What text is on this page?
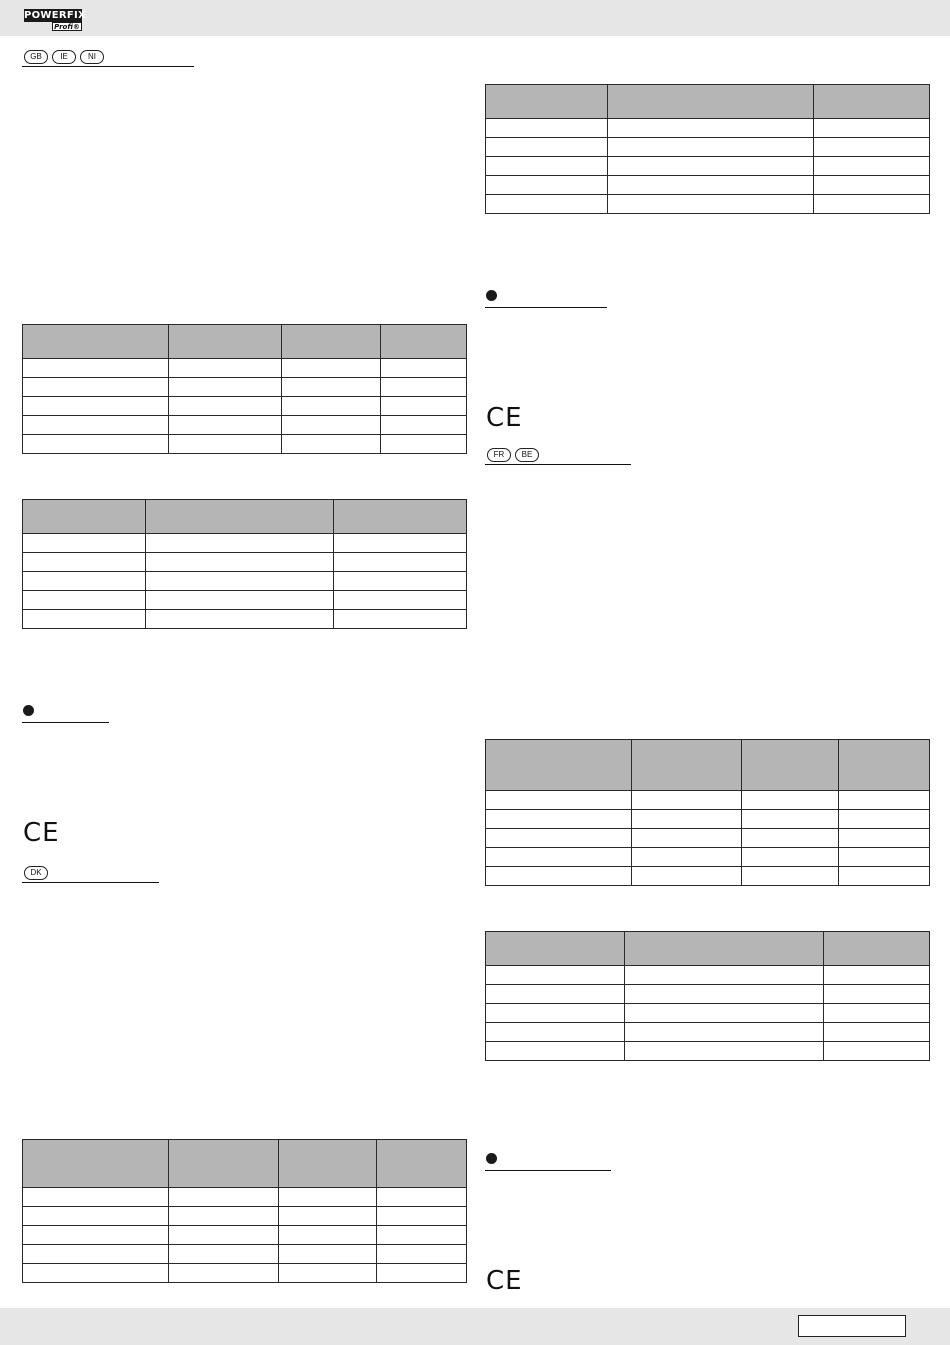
POWERFIX
Profi®
GB	IE	NI

CE
DK

CE
FR	BE

CE
